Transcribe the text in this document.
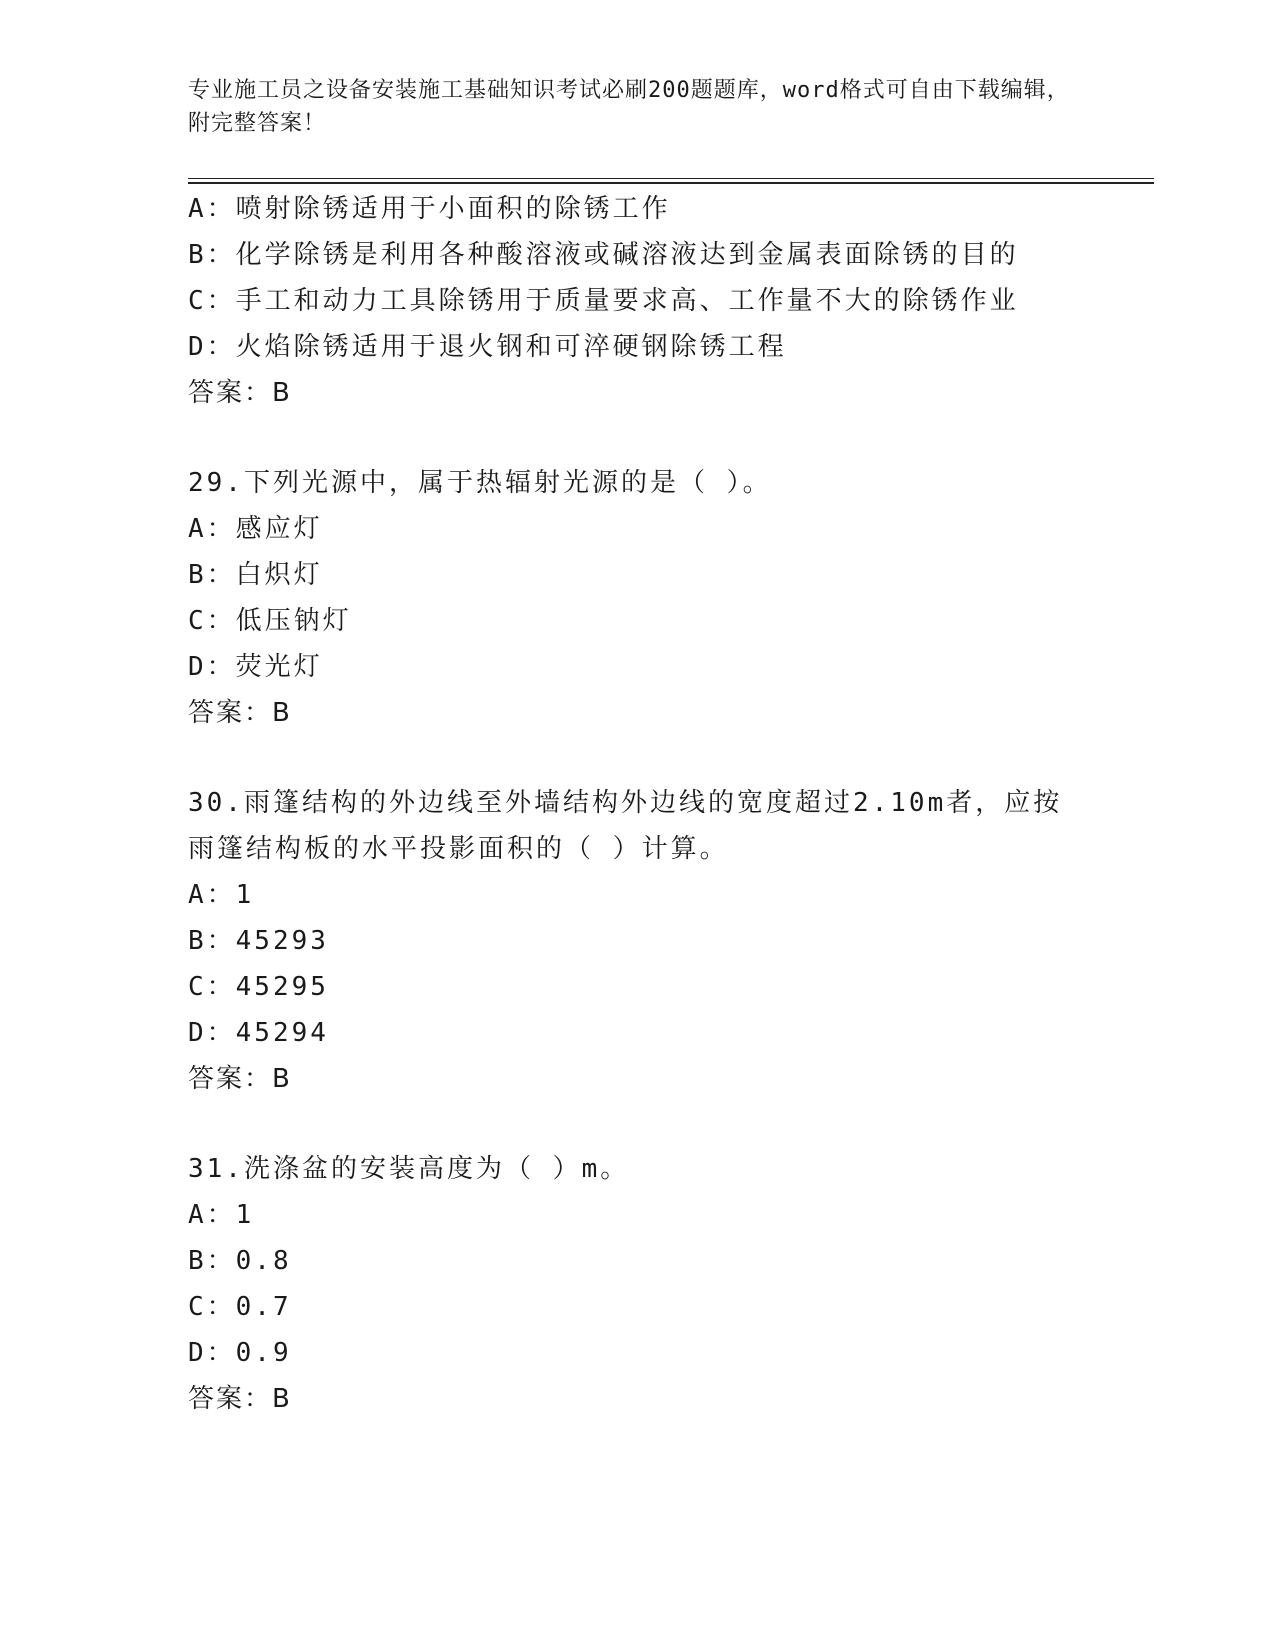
专业施工员之设备安装施工基础知识考试必刷200题题库，word格式可自由下载编辑，附完整答案！
A：喷射除锈适用于小面积的除锈工作
B：化学除锈是利用各种酸溶液或碱溶液达到金属表面除锈的目的
C：手工和动力工具除锈用于质量要求高、工作量不大的除锈作业
D：火焰除锈适用于退火钢和可淬硬钢除锈工程
答案：B
29.下列光源中，属于热辐射光源的是（ ）。
A：感应灯
B：白炽灯
C：低压钠灯
D：荧光灯
答案：B
30.雨篷结构的外边线至外墙结构外边线的宽度超过2.10m者，应按雨篷结构板的水平投影面积的（ ）计算。
A：1
B：45293
C：45295
D：45294
答案：B
31.洗涤盆的安装高度为（ ）m。
A：1
B：0.8
C：0.7
D：0.9
答案：B
